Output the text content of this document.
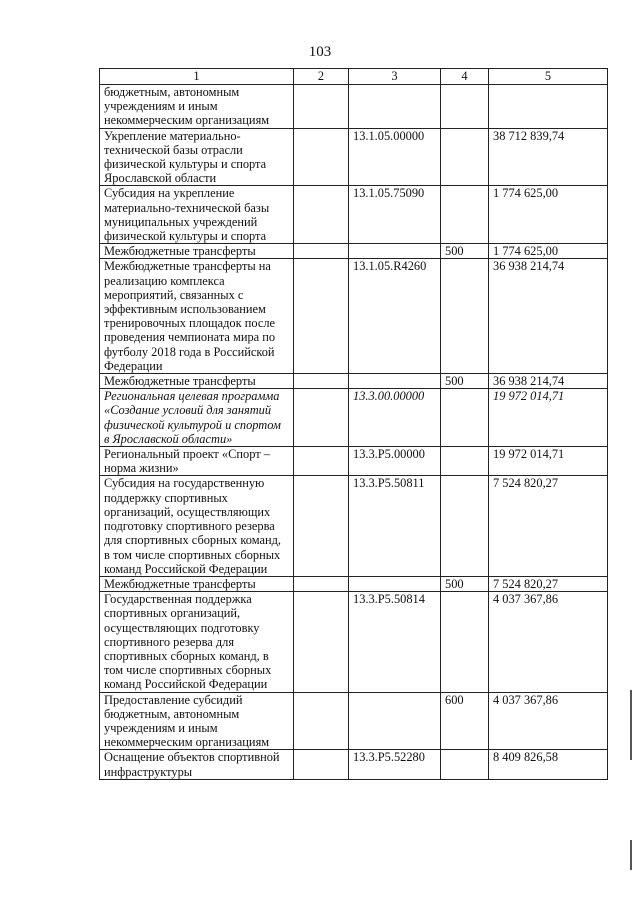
103
1	2	3	4	5
бюджетным, автономным учреждениям и иным некоммерческим организациям				
Укрепление материально-технической базы отрасли физической культуры и спорта Ярославской области		13.1.05.00000		38 712 839,74
Субсидия на укрепление материально-технической базы муниципальных учреждений физической культуры и спорта		13.1.05.75090		1 774 625,00
Межбюджетные трансферты			500	1 774 625,00
Межбюджетные трансферты на реализацию комплекса мероприятий, связанных с эффективным использованием тренировочных площадок после проведения чемпионата мира по футболу 2018 года в Российской Федерации		13.1.05.R4260		36 938 214,74
Межбюджетные трансферты			500	36 938 214,74
Региональная целевая программа «Создание условий для занятий физической культурой и спортом в Ярославской области»		13.3.00.00000		19 972 014,71
Региональный проект «Спорт – норма жизни»		13.3.P5.00000		19 972 014,71
Субсидия на государственную поддержку спортивных организаций, осуществляющих подготовку спортивного резерва для спортивных сборных команд, в том числе спортивных сборных команд Российской Федерации		13.3.P5.50811		7 524 820,27
Межбюджетные трансферты			500	7 524 820,27
Государственная поддержка спортивных организаций, осуществляющих подготовку спортивного резерва для спортивных сборных команд, в том числе спортивных сборных команд Российской Федерации		13.3.P5.50814		4 037 367,86
Предоставление субсидий бюджетным, автономным учреждениям и иным некоммерческим организациям			600	4 037 367,86
Оснащение объектов спортивной инфраструктуры		13.3.P5.52280		8 409 826,58
